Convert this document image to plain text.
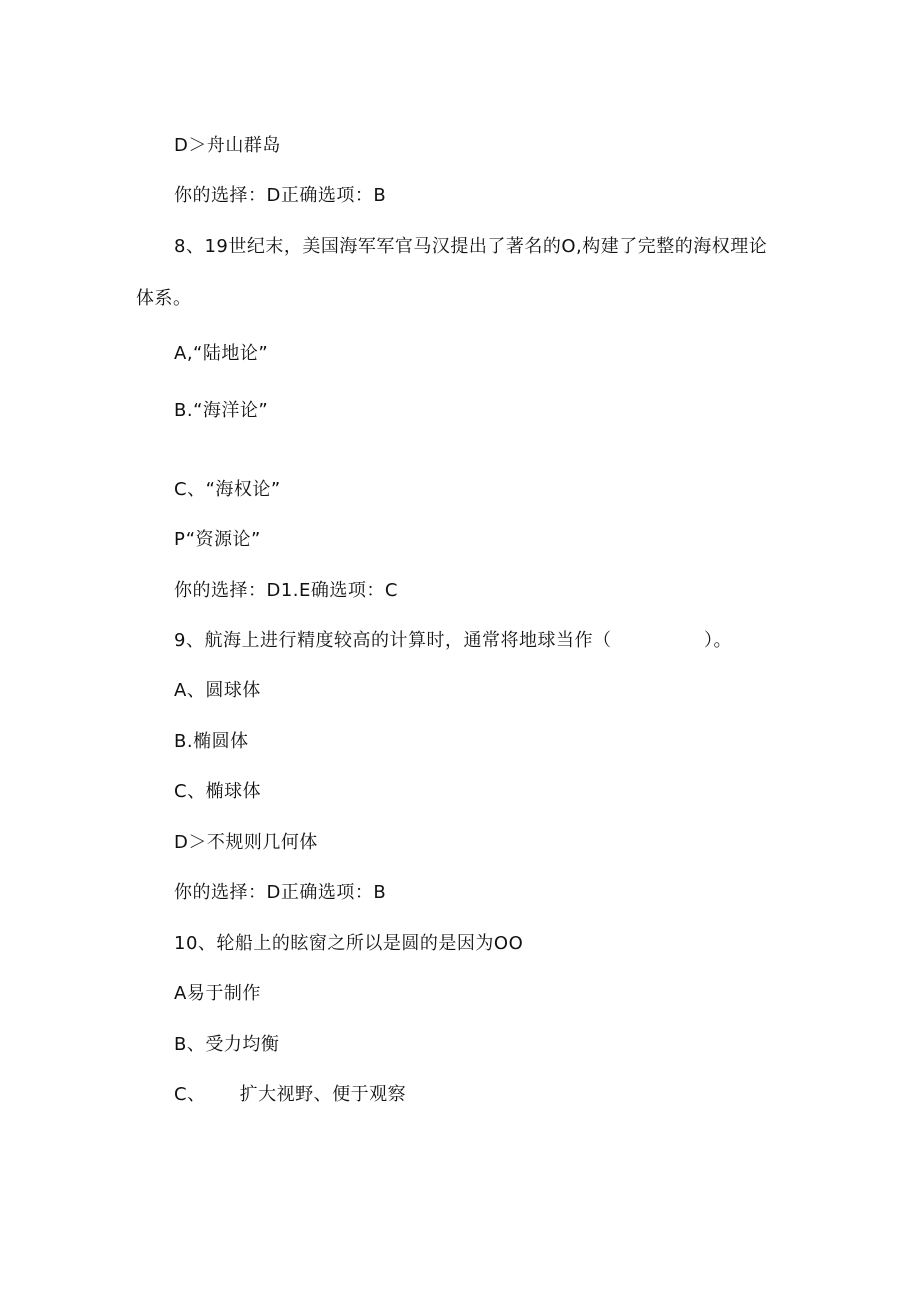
D＞舟山群岛
你的选择：D正确选项：B
8、19世纪末，美国海军军官马汉提出了著名的O,构建了完整的海权理论
体系。
A,“陆地论”
B.“海洋论”
C、“海权论”
P“资源论”
你的选择：D1.E确选项：C
9、航海上进行精度较高的计算时，通常将地球当作（　　　　　）。
A、圆球体
B.椭圆体
C、椭球体
D＞不规则几何体
你的选择：D正确选项：B
10、轮船上的眩窗之所以是圆的是因为OO
A易于制作
B、受力均衡
C、 扩大视野、便于观察
